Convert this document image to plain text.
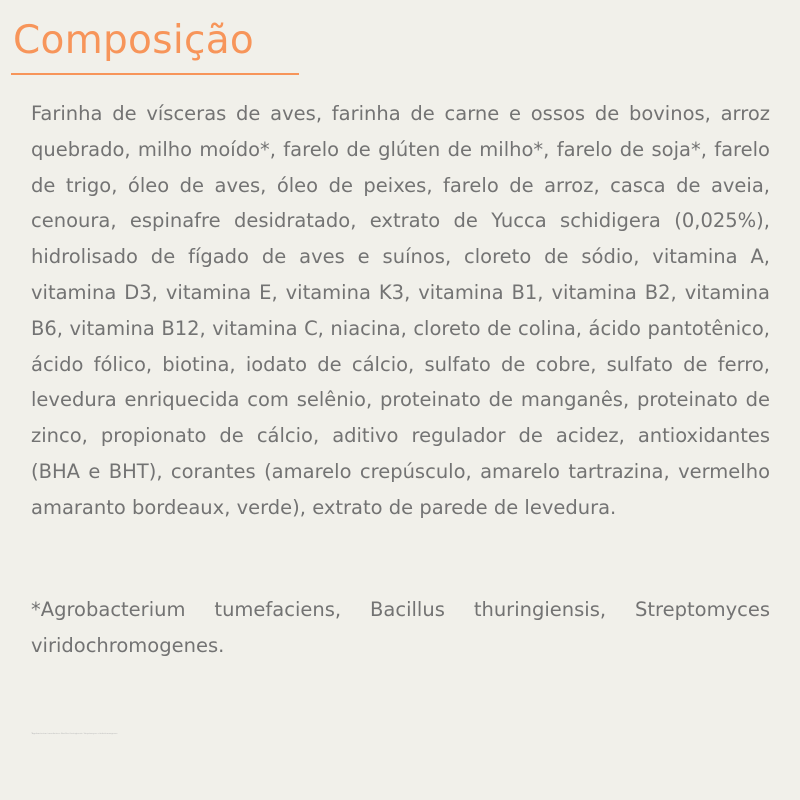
Composição

Farinha de vísceras de aves, farinha de carne e ossos de bovinos, arroz quebrado, milho moído*, farelo de glúten de milho*, farelo de soja*, farelo de trigo, óleo de aves, óleo de peixes, farelo de arroz, casca de aveia, cenoura, espinafre desidratado, extrato de Yucca schidigera (0,025%), hidrolisado de fígado de aves e suínos, cloreto de sódio, vitamina A, vitamina D3, vitamina E, vitamina K3, vitamina B1, vitamina B2, vitamina B6, vitamina B12, vitamina C, niacina, cloreto de colina, ácido pantotênico, ácido fólico, biotina, iodato de cálcio, sulfato de cobre, sulfato de ferro, levedura enriquecida com selênio, proteinato de manganês, proteinato de zinco, propionato de cálcio, aditivo regulador de acidez, antioxidantes (BHA e BHT), corantes (amarelo crepúsculo, amarelo tartrazina, vermelho amaranto bordeaux, verde), extrato de parede de levedura.

*Agrobacterium tumefaciens, Bacillus thuringiensis, Streptomyces viridochromogenes.

*Agrobacterium tumefaciens, Bacillus thuringiensis, Streptomyces viridochromogenes.
